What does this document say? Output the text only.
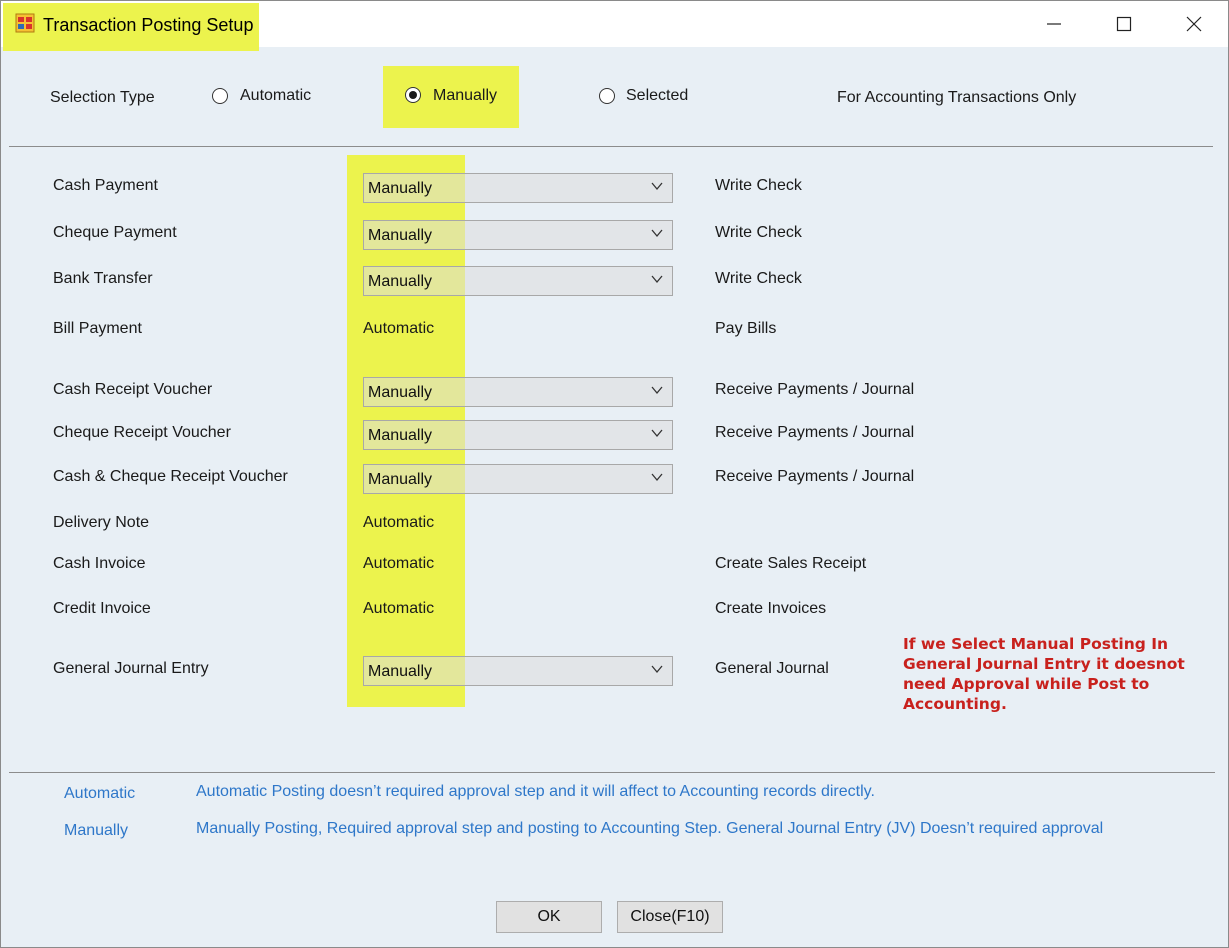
Transaction Posting Setup
Selection Type	Automatic	Manually	Selected	For Accounting Transactions Only
Cash Payment	Manually	Write Check
Cheque Payment	Manually	Write Check
Bank Transfer	Manually	Write Check
Bill Payment	Automatic	Pay Bills
Cash Receipt Voucher	Manually	Receive Payments / Journal
Cheque Receipt Voucher	Manually	Receive Payments / Journal
Cash & Cheque Receipt Voucher	Manually	Receive Payments / Journal
Delivery Note	Automatic
Cash Invoice	Automatic	Create Sales Receipt
Credit Invoice	Automatic	Create Invoices
General Journal Entry	Manually	General Journal
If we Select Manual Posting In General Journal Entry it doesnot need Approval while Post to Accounting.
Automatic	Automatic Posting doesn’t required approval step and it will affect to Accounting records directly.
Manually	Manually Posting, Required approval step and posting to Accounting Step. General Journal Entry (JV) Doesn’t required approval
OK	Close(F10)
